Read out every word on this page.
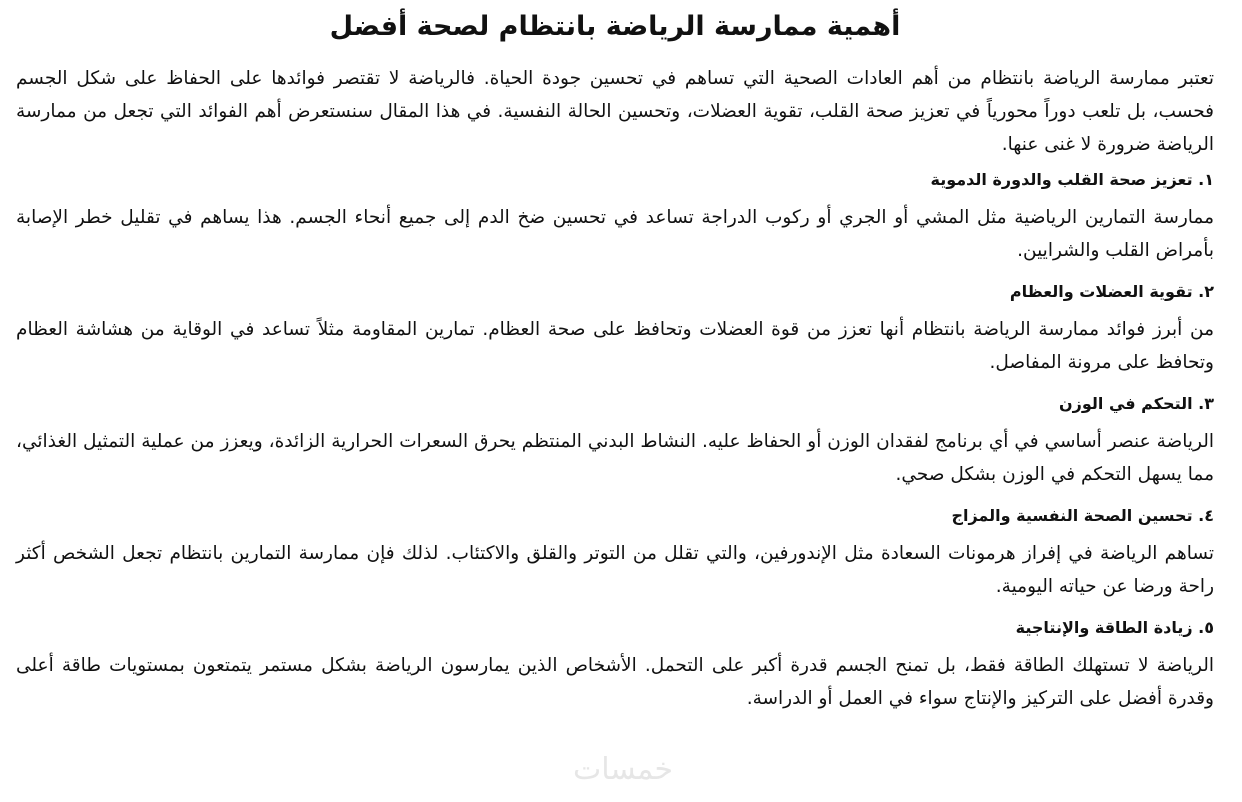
أهمية ممارسة الرياضة بانتظام لصحة أفضل

تعتبر ممارسة الرياضة بانتظام من أهم العادات الصحية التي تساهم في تحسين جودة الحياة. فالرياضة لا تقتصر فوائدها على الحفاظ على شكل الجسم فحسب، بل تلعب دوراً محورياً في تعزيز صحة القلب، تقوية العضلات، وتحسين الحالة النفسية. في هذا المقال سنستعرض أهم الفوائد التي تجعل من ممارسة الرياضة ضرورة لا غنى عنها.

١. تعزيز صحة القلب والدورة الدموية

ممارسة التمارين الرياضية مثل المشي أو الجري أو ركوب الدراجة تساعد في تحسين ضخ الدم إلى جميع أنحاء الجسم. هذا يساهم في تقليل خطر الإصابة بأمراض القلب والشرايين.

٢. تقوية العضلات والعظام

من أبرز فوائد ممارسة الرياضة بانتظام أنها تعزز من قوة العضلات وتحافظ على صحة العظام. تمارين المقاومة مثلاً تساعد في الوقاية من هشاشة العظام وتحافظ على مرونة المفاصل.

٣. التحكم في الوزن

الرياضة عنصر أساسي في أي برنامج لفقدان الوزن أو الحفاظ عليه. النشاط البدني المنتظم يحرق السعرات الحرارية الزائدة، ويعزز من عملية التمثيل الغذائي، مما يسهل التحكم في الوزن بشكل صحي.

٤. تحسين الصحة النفسية والمزاج

تساهم الرياضة في إفراز هرمونات السعادة مثل الإندورفين، والتي تقلل من التوتر والقلق والاكتئاب. لذلك فإن ممارسة التمارين بانتظام تجعل الشخص أكثر راحة ورضا عن حياته اليومية.

٥. زيادة الطاقة والإنتاجية

الرياضة لا تستهلك الطاقة فقط، بل تمنح الجسم قدرة أكبر على التحمل. الأشخاص الذين يمارسون الرياضة بشكل مستمر يتمتعون بمستويات طاقة أعلى وقدرة أفضل على التركيز والإنتاج سواء في العمل أو الدراسة.

خمسات
